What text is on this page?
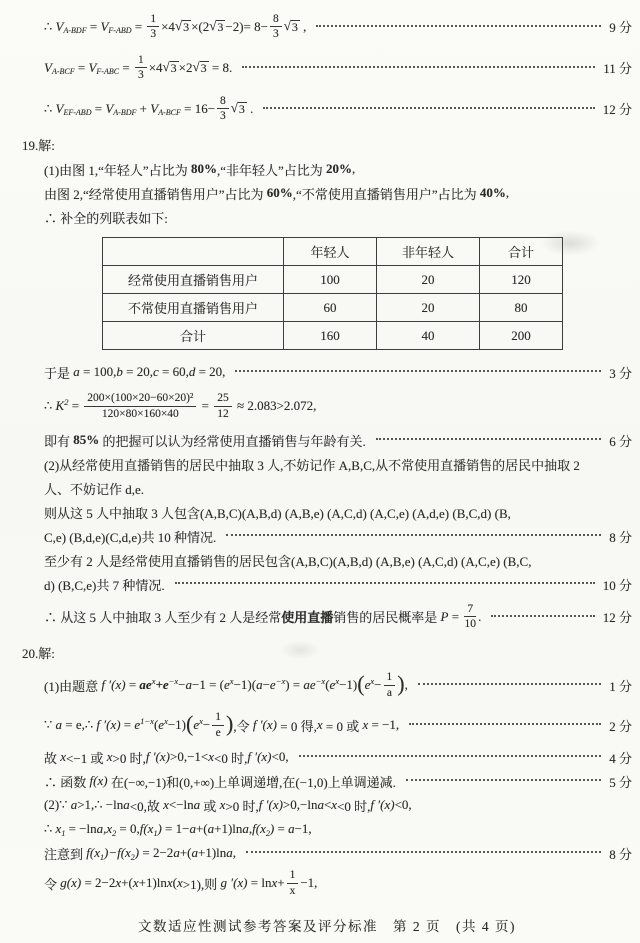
∴ V A-BDF = V $F-ABD = \frac{1}{3} \times 4$ √ 3 ×(2 √ $3 -2)= 8- \frac{8}{3}$ √ 3 ,	9 分
V A-BCF = V $F-ABC = \frac{1}{3} \times 4$ √ 3 ×2 √ 3 = 8.	11 分
∴ V EF-ABD = V A-BDF + V $A-BCF = 16- \frac{8}{3}$ √ 3 .	12 分
19.解:
(1)由图 1,“年轻人”占比为 80% ,“非年轻人”占比为 20% ,
由图 2,“经常使用直播销售用户”占比为 60% ,“不常使用直播销售用户”占比为 40% ,
∴ 补全的列联表如下:
	年轻人	非年轻人	合计
经常使用直播销售用户	100	20	120
不常使用直播销售用户	60	20	80
合计	160	40	200
于是 a = 100, b = 20, c = 60, d = 20,	3 分
∴ K $2 = \frac{\text{200×(100×20−60×20)²}}{120\times 80\times 160\times 40} = \frac{25}{12} \approx 2.083>2.072$,
即有 85% 的把握可以认为经常使用直播销售与年龄有关.	6 分
(2)从经常使用直播销售的居民中抽取 3 人,不妨记作 A,B,C,从不常使用直播销售的居民中抽取 2
人、不妨记作 d,e.
则从这 5 人中抽取 3 人包含(A,B,C)(A,B,d) (A,B,e) (A,C,d) (A,C,e) (A,d,e) (B,C,d) (B,
C,e) (B,d,e)(C,d,e)共 10 种情况.	8 分
至少有 2 人是经常使用直播销售的居民包含(A,B,C)(A,B,d) (A,B,e) (A,C,d) (A,C,e) (B,C,
d) (B,C,e)共 7 种情况.	10 分
∴ 从这 5 人中抽取 3 人至少有 2 人是经常 使用直播 销售的居民概率是 $P = \frac{7}{10}$ .	12 分
20.解:
(1)由题意 f ′(x) = ae x +e −x − a −1 = ( e x −1)( a − e −x ) = ae −x ( e x −1) ( e $x - \frac{1}{a}$ ) ,	1 分
∵ a = e,∴ f ′(x) = e 1−x ( e x −1) ( e $x - \frac{1}{e}$ ) ,令 f ′(x) = 0 得, x = 0 或 x = −1,	2 分
故 x <−1 或 x >0 时, f ′(x) >0,−1< x <0 时, f ′(x) <0,	4 分
∴ 函数 f(x) 在(−∞,−1)和(0,+∞)上单调递增,在(−1,0)上单调递减.	5 分
(2)∵ a >1,∴ −ln a <0,故 x <−ln a 或 x >0 时, f ′(x) >0,−ln a < x <0 时, f ′(x) <0,
∴ x 1 = −ln a , x 2 = 0, f(x 1 ) = 1− a +( a +1)ln a , f(x 2 ) = a −1,
注意到 f(x 1 )−f(x 2 ) = 2−2 a +( a +1)ln a ,	8 分
令 g(x) = 2−2 x +( x +1)ln x ( x >1),则 g $'(x) = \ln x + \frac{1}{x} -1$,
文数适应性测试参考答案及评分标准　第 2 页　(共 4 页)
